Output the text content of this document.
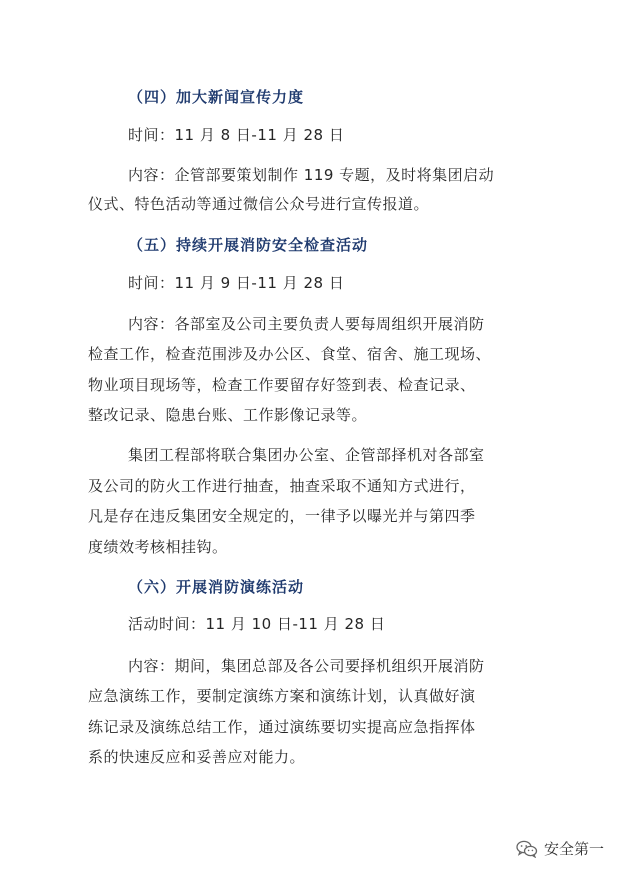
（四）加大新闻宣传力度
时间：11 月 8 日-11 月 28 日
内容：企管部要策划制作 119 专题，及时将集团启动
仪式、特色活动等通过微信公众号进行宣传报道。
（五）持续开展消防安全检查活动
时间：11 月 9 日-11 月 28 日
内容：各部室及公司主要负责人要每周组织开展消防
检查工作，检查范围涉及办公区、食堂、宿舍、施工现场、
物业项目现场等，检查工作要留存好签到表、检查记录、
整改记录、隐患台账、工作影像记录等。
集团工程部将联合集团办公室、企管部择机对各部室
及公司的防火工作进行抽查，抽查采取不通知方式进行，
凡是存在违反集团安全规定的，一律予以曝光并与第四季
度绩效考核相挂钩。
（六）开展消防演练活动
活动时间：11 月 10 日-11 月 28 日
内容：期间，集团总部及各公司要择机组织开展消防
应急演练工作，要制定演练方案和演练计划，认真做好演
练记录及演练总结工作，通过演练要切实提高应急指挥体
系的快速反应和妥善应对能力。
安全第一
